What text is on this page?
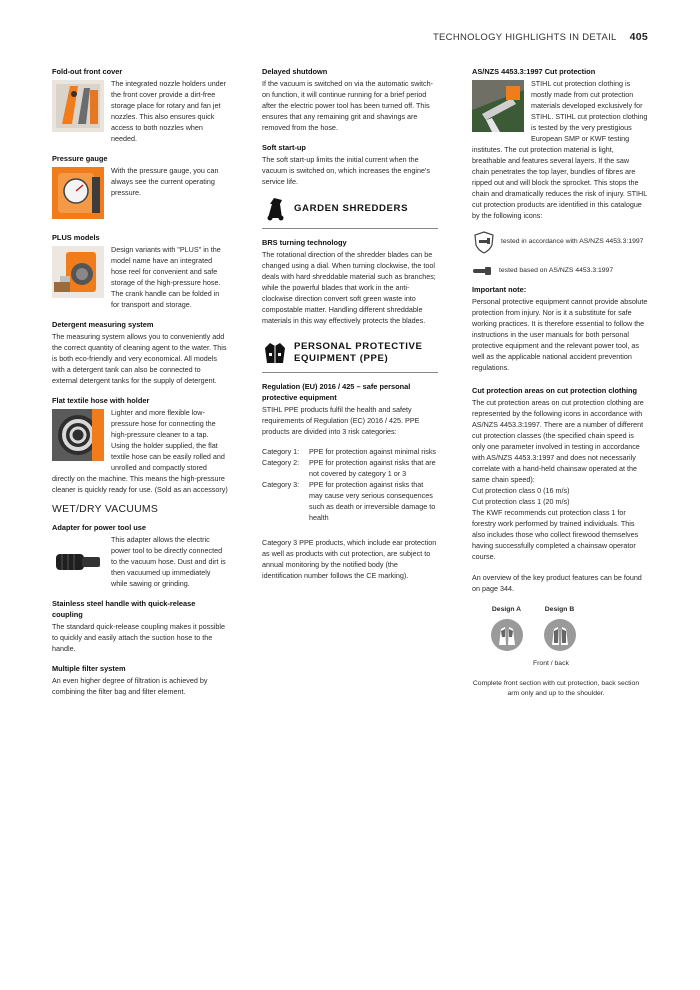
TECHNOLOGY HIGHLIGHTS IN DETAIL 405
Fold-out front cover

The integrated nozzle holders under the front cover provide a dirt-free storage place for rotary and fan jet nozzles. This also ensures quick access to both nozzles when needed.

Pressure gauge

With the pressure gauge, you can always see the current operating pressure.

PLUS models

Design variants with "PLUS" in the model name have an integrated hose reel for convenient and safe storage of the high-pressure hose. The crank handle can be folded in for transport and storage.

Detergent measuring system

The measuring system allows you to conveniently add the correct quantity of cleaning agent to the water. This is both eco-friendly and very economical. All models with a detergent tank can also be connected to external detergent tanks for the supply of detergent.

Flat textile hose with holder

Lighter and more flexible low-pressure hose for connecting the high-pressure cleaner to a tap. Using the holder supplied, the flat textile hose can be easily rolled and unrolled and compactly stored directly on the machine. This means the high-pressure cleaner is quickly ready for use. (Sold as an accessory)

WET/DRY VACUUMS
Adapter for power tool use

This adapter allows the electric power tool to be directly connected to the vacuum hose. Dust and dirt is then vacuumed up immediately while sawing or grinding.

Stainless steel handle with quick-release coupling

The standard quick-release coupling makes it possible to quickly and easily attach the suction hose to the handle.

Multiple filter system

An even higher degree of filtration is achieved by combining the filter bag and filter element.

Delayed shutdown

If the vacuum is switched on via the automatic switch-on function, it will continue running for a brief period after the electric power tool has been turned off. This ensures that any remaining grit and shavings are removed from the hose.

Soft start-up

The soft start-up limits the initial current when the vacuum is switched on, which increases the engine's service life.

GARDEN SHREDDERS
BRS turning technology

The rotational direction of the shredder blades can be changed using a dial. When turning clockwise, the tool deals with hard shreddable material such as branches; while the powerful blades that work in the anti-clockwise direction convert soft green waste into compostable matter. Handling different shreddable materials in this way effectively protects the blades.

PERSONAL PROTECTIVE
EQUIPMENT (PPE)
Regulation (EU) 2016 / 425 – safe personal protective equipment

STIHL PPE products fulfil the health and safety requirements of Regulation (EC) 2016 / 425. PPE products are divided into 3 risk categories:

Category 1:	PPE for protection against minimal risks
Category 2:	PPE for protection against risks that are not covered by category 1 or 3
Category 3:	PPE for protection against risks that may cause very serious consequences such as death or irreversible damage to health

Category 3 PPE products, which include ear protection as well as products with cut protection, are subject to annual monitoring by the notified body (the identification number follows the CE marking).

AS/NZS 4453.3:1997 Cut protection

STIHL cut protection clothing is mostly made from cut protection materials developed exclusively for STIHL. STIHL cut protection clothing is tested by the very prestigious European SMP or KWF testing institutes. The cut protection material is light, breathable and features several layers. If the saw chain penetrates the top layer, bundles of fibres are ripped out and will block the sprocket. This stops the chain and dramatically reduces the risk of injury. STIHL cut protection products are identified in this catalogue by the following icons:

tested in accordance with AS/NZS 4453.3:1997
tested based on AS/NZS 4453.3:1997
Important note:

Personal protective equipment cannot provide absolute protection from injury. Nor is it a substitute for safe working practices. It is therefore essential to follow the instructions in the user manuals for both personal protective equipment and the relevant power tool, as well as the applicable national accident prevention regulations.

Cut protection areas on cut protection clothing

The cut protection areas on cut protection clothing are represented by the following icons in accordance with AS/NZS 4453.3:1997. There are a number of different cut protection classes (the specified chain speed is only one parameter involved in testing in accordance with AS/NZS 4453.3:1997 and does not necessarily correlate with a hand-held chainsaw operated at the same chain speed):

Cut protection class 0 (16 m/s)

Cut protection class 1 (20 m/s)

The KWF recommends cut protection class 1 for forestry work performed by trained individuals. This also includes those who collect firewood themselves having successfully completed a chainsaw operator course.

An overview of the key product features can be found on page 344.

Design A	Design B
Front / back
Complete front section with cut protection, back section arm only and up to the shoulder.
